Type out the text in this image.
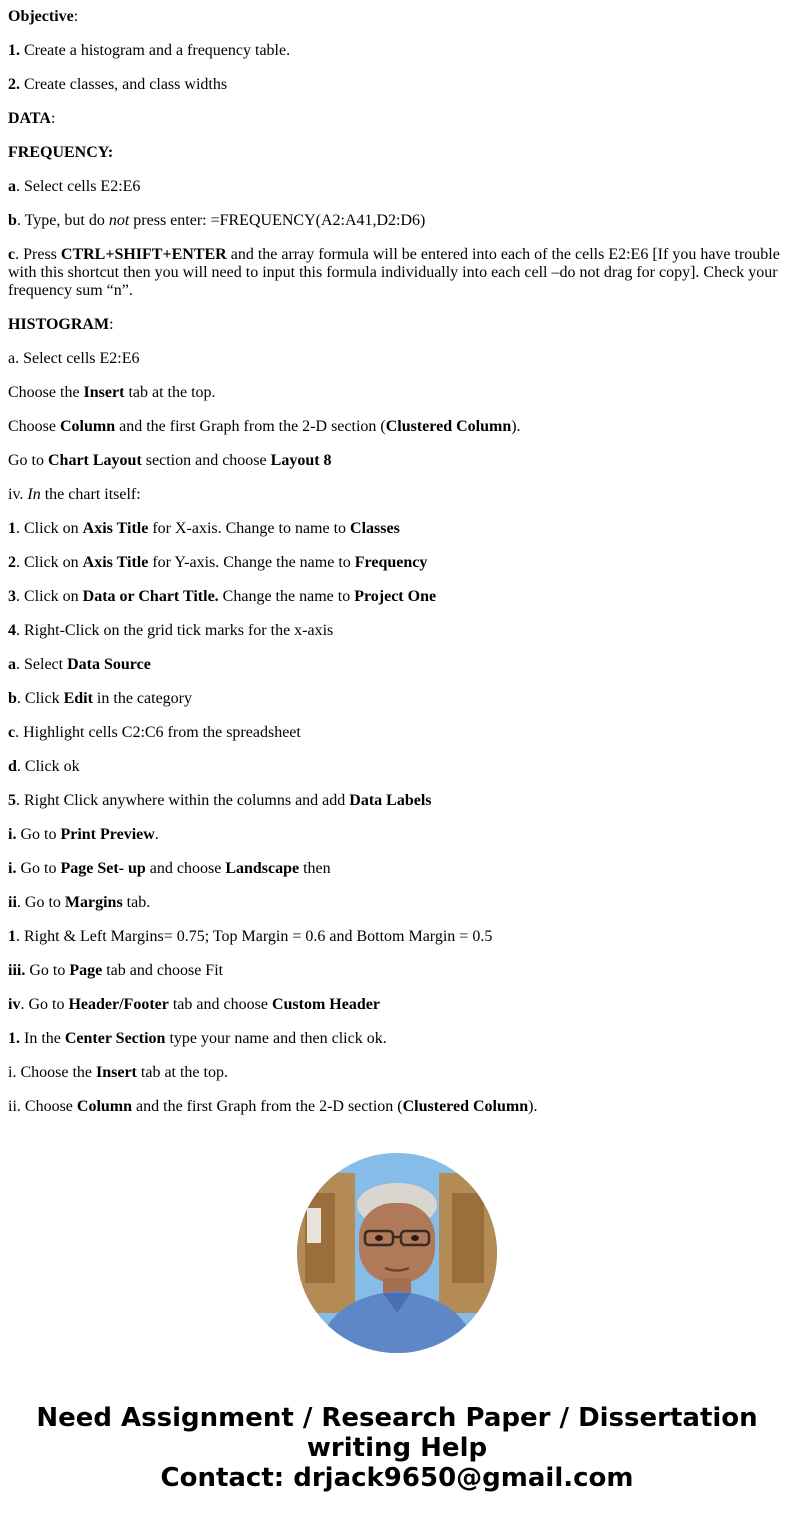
Objective:

1. Create a histogram and a frequency table.

2. Create classes, and class widths

DATA:

FREQUENCY:

a. Select cells E2:E6

b. Type, but do not press enter: =FREQUENCY(A2:A41,D2:D6)

c. Press CTRL+SHIFT+ENTER and the array formula will be entered into each of the cells E2:E6 [If you have trouble with this shortcut then you will need to input this formula individually into each cell –do not drag for copy]. Check your frequency sum “n”.

HISTOGRAM:

a. Select cells E2:E6

Choose the Insert tab at the top.

Choose Column and the first Graph from the 2-D section (Clustered Column).

Go to Chart Layout section and choose Layout 8

iv. In the chart itself:

1. Click on Axis Title for X-axis. Change to name to Classes

2. Click on Axis Title for Y-axis. Change the name to Frequency

3. Click on Data or Chart Title. Change the name to Project One

4. Right-Click on the grid tick marks for the x-axis

a. Select Data Source

b. Click Edit in the category

c. Highlight cells C2:C6 from the spreadsheet

d. Click ok

5. Right Click anywhere within the columns and add Data Labels

i. Go to Print Preview.

i. Go to Page Set- up and choose Landscape then

ii. Go to Margins tab.

1. Right & Left Margins= 0.75; Top Margin = 0.6 and Bottom Margin = 0.5

iii. Go to Page tab and choose Fit

iv. Go to Header/Footer tab and choose Custom Header

1. In the Center Section type your name and then click ok.

i. Choose the Insert tab at the top.

ii. Choose Column and the first Graph from the 2-D section (Clustered Column).

Need Assignment / Research Paper / Dissertation
writing Help
Contact: drjack9650@gmail.com
